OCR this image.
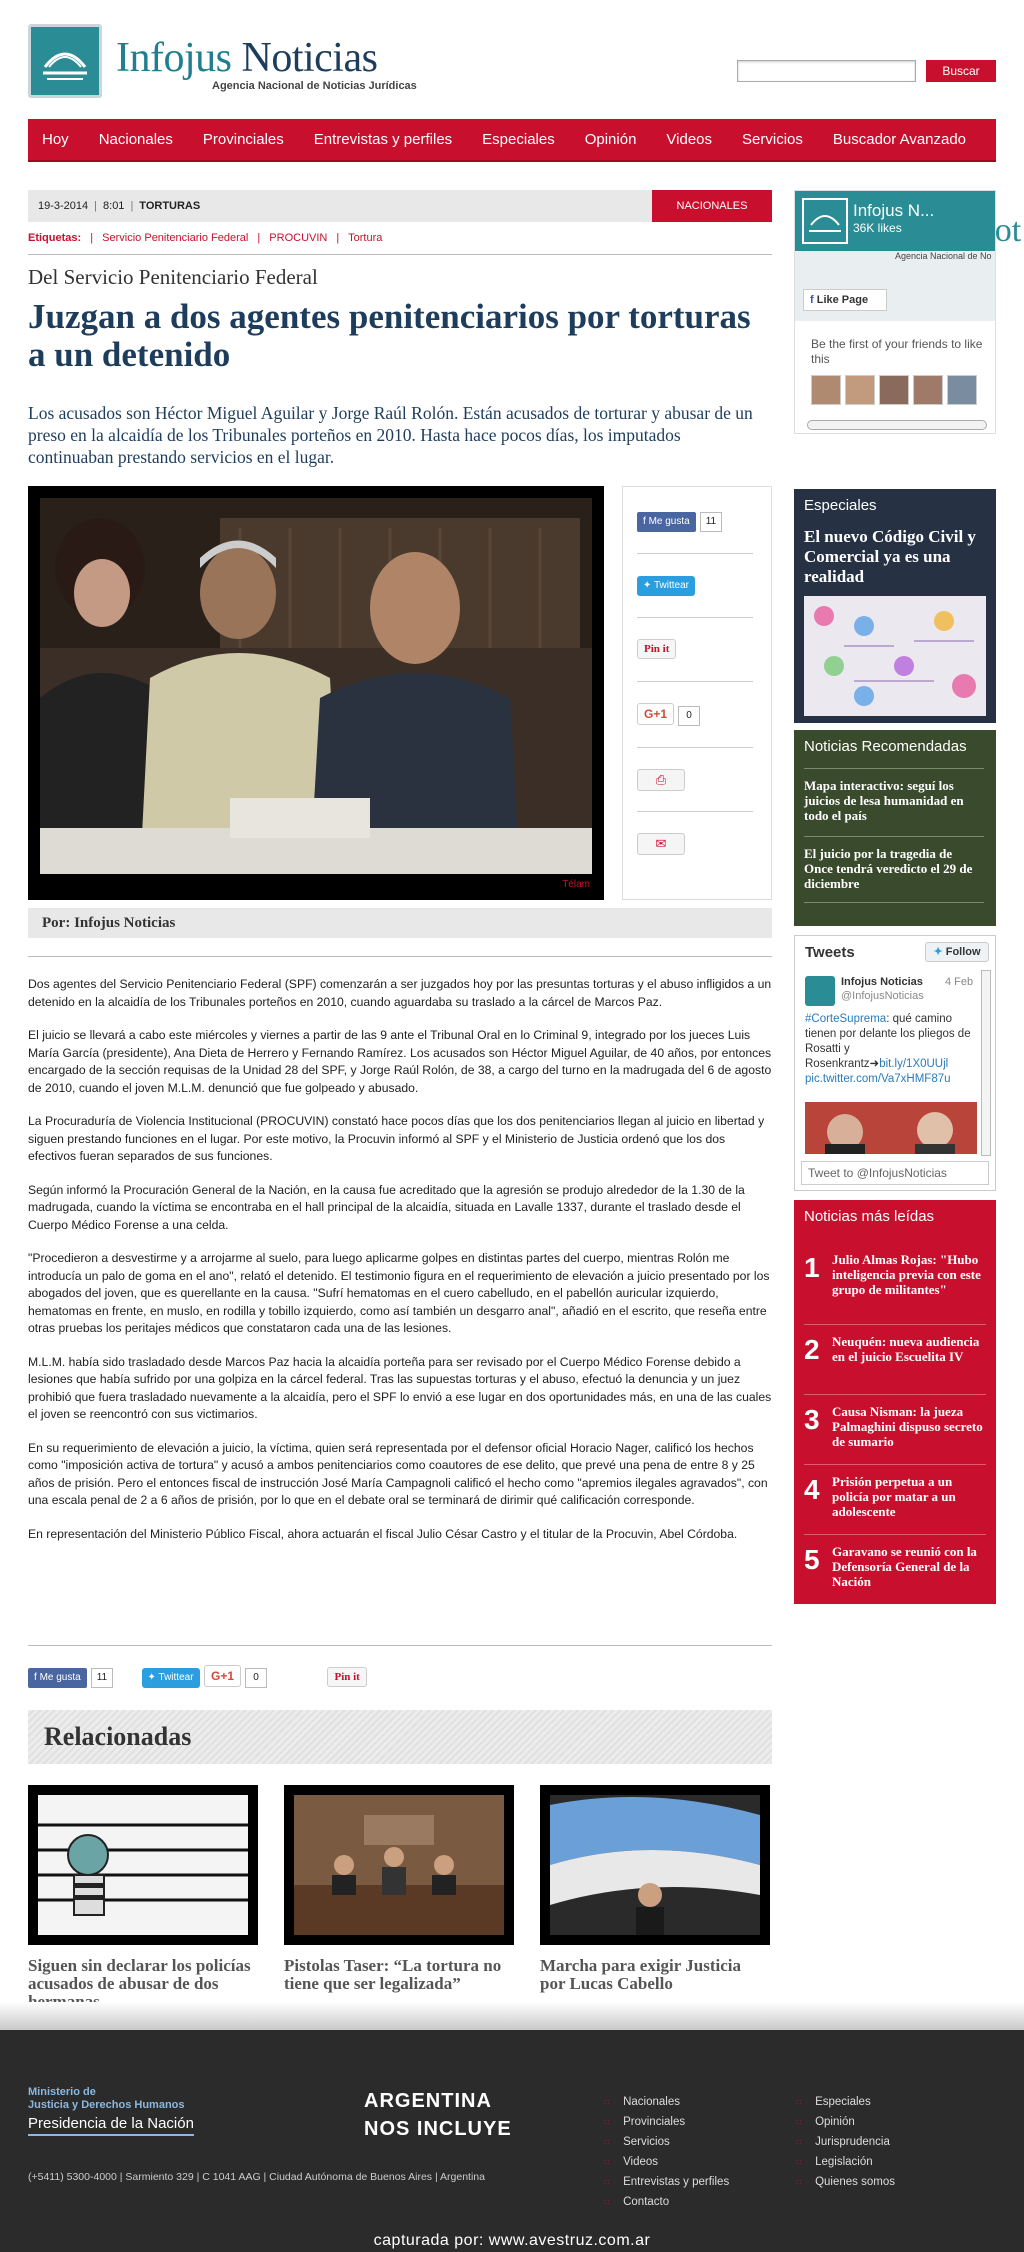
Infojus Noticias
Agencia Nacional de Noticias Jurídicas
Buscar
Hoy Nacionales Provinciales Entrevistas y perfiles Especiales Opinión Videos Servicios Buscador Avanzado
19-3-2014 | 8:01 | TORTURAS	NACIONALES
Etiquetas: | Servicio Penitenciario Federal | PROCUVIN | Tortura
Del Servicio Penitenciario Federal
Juzgan a dos agentes penitenciarios por torturas a un detenido
Los acusados son Héctor Miguel Aguilar y Jorge Raúl Rolón. Están acusados de torturar y abusar de un preso en la alcaidía de los Tribunales porteños en 2010. Hasta hace pocos días, los imputados continuaban prestando servicios en el lugar.
Télam
f Me gusta 11
✦ Twittear
Pin it
G+1 0
⎙
✉
Por: Infojus Noticias

Dos agentes del Servicio Penitenciario Federal (SPF) comenzarán a ser juzgados hoy por las presuntas torturas y el abuso infligidos a un detenido en la alcaidía de los Tribunales porteños en 2010, cuando aguardaba su traslado a la cárcel de Marcos Paz.

El juicio se llevará a cabo este miércoles y viernes a partir de las 9 ante el Tribunal Oral en lo Criminal 9, integrado por los jueces Luis María García (presidente), Ana Dieta de Herrero y Fernando Ramírez. Los acusados son Héctor Miguel Aguilar, de 40 años, por entonces encargado de la sección requisas de la Unidad 28 del SPF, y Jorge Raúl Rolón, de 38, a cargo del turno en la madrugada del 6 de agosto de 2010, cuando el joven M.L.M. denunció que fue golpeado y abusado.

La Procuraduría de Violencia Institucional (PROCUVIN) constató hace pocos días que los dos penitenciarios llegan al juicio en libertad y siguen prestando funciones en el lugar. Por este motivo, la Procuvin informó al SPF y el Ministerio de Justicia ordenó que los dos efectivos fueran separados de sus funciones.

Según informó la Procuración General de la Nación, en la causa fue acreditado que la agresión se produjo alrededor de la 1.30 de la madrugada, cuando la víctima se encontraba en el hall principal de la alcaidía, situada en Lavalle 1337, durante el traslado desde el Cuerpo Médico Forense a una celda.

"Procedieron a desvestirme y a arrojarme al suelo, para luego aplicarme golpes en distintas partes del cuerpo, mientras Rolón me introducía un palo de goma en el ano", relató el detenido. El testimonio figura en el requerimiento de elevación a juicio presentado por los abogados del joven, que es querellante en la causa. "Sufrí hematomas en el cuero cabelludo, en el pabellón auricular izquierdo, hematomas en frente, en muslo, en rodilla y tobillo izquierdo, como así también un desgarro anal", añadió en el escrito, que reseña entre otras pruebas los peritajes médicos que constataron cada una de las lesiones.

M.L.M. había sido trasladado desde Marcos Paz hacia la alcaidía porteña para ser revisado por el Cuerpo Médico Forense debido a lesiones que había sufrido por una golpiza en la cárcel federal. Tras las supuestas torturas y el abuso, efectuó la denuncia y un juez prohibió que fuera trasladado nuevamente a la alcaidía, pero el SPF lo envió a ese lugar en dos oportunidades más, en una de las cuales el joven se reencontró con sus victimarios.

En su requerimiento de elevación a juicio, la víctima, quien será representada por el defensor oficial Horacio Nager, calificó los hechos como "imposición activa de tortura" y acusó a ambos penitenciarios como coautores de ese delito, que prevé una pena de entre 8 y 25 años de prisión. Pero el entonces fiscal de instrucción José María Campagnoli calificó el hecho como "apremios ilegales agravados", con una escala penal de 2 a 6 años de prisión, por lo que en el debate oral se terminará de dirimir qué calificación corresponde.

En representación del Ministerio Público Fiscal, ahora actuarán el fiscal Julio César Castro y el titular de la Procuvin, Abel Córdoba.

f Me gusta 11	✦ Twittear G+1 0	Pin it
Relacionadas
Siguen sin declarar los policías acusados de abusar de dos
Pistolas Taser: “La tortura no tiene que ser legalizada”
Marcha para exigir Justicia por Lucas Cabello
ojus Not
Agencia Nacional de No
Infojus N...
36K likes
f Like Page
Be the first of your friends to like this
Especiales
El nuevo Código Civil y Comercial ya es una realidad
Noticias Recomendadas
Mapa interactivo: seguí los juicios de lesa humanidad en todo el país
El juicio por la tragedia de Once tendrá veredicto el 29 de diciembre
Tweets	✦ Follow
Infojus Noticias
@InfojusNoticias
4 Feb
#CorteSuprema: qué camino tienen por delante los pliegos de Rosatti y Rosenkrantz➜bit.ly/1X0UUjl pic.twitter.com/Va7xHMF87u
Tweet to @InfojusNoticias
Noticias más leídas
1 Julio Almas Rojas: "Hubo inteligencia previa con este grupo de militantes"
2 Neuquén: nueva audiencia en el juicio Escuelita IV
3 Causa Nisman: la jueza Palmaghini dispuso secreto de sumario
4 Prisión perpetua a un policía por matar a un adolescente
5 Garavano se reunió con la Defensoría General de la Nación
Ministerio de
Justicia y Derechos Humanos
Presidencia de la Nación
ARGENTINA
NOS INCLUYE
(+5411) 5300-4000 | Sarmiento 329 | C 1041 AAG | Ciudad Autónoma de Buenos Aires | Argentina
∷ Nacionales
∷ Provinciales
∷ Servicios
∷ Videos
∷ Entrevistas y perfiles
∷ Contacto
∷ Especiales
∷ Opinión
∷ Jurisprudencia
∷ Legislación
∷ Quienes somos
capturada por: www.avestruz.com.ar
